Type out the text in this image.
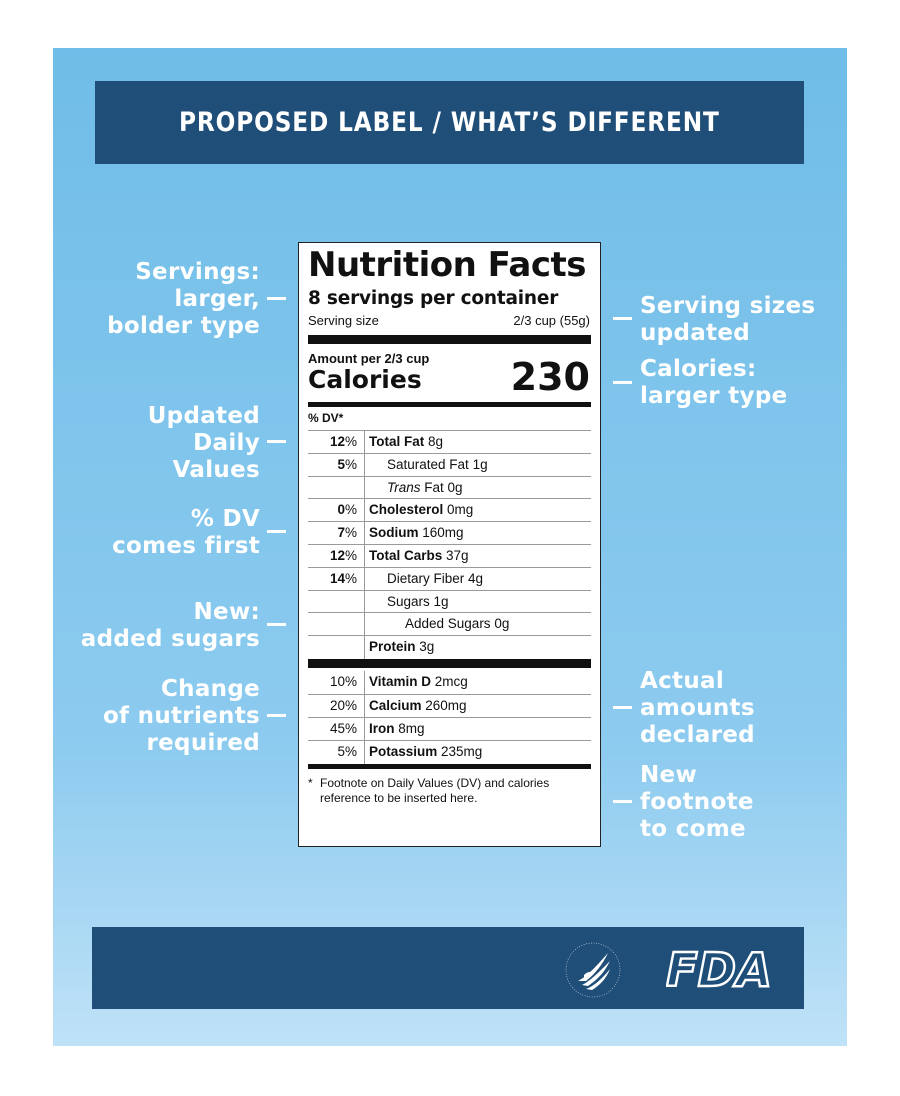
PROPOSED LABEL / WHAT’S DIFFERENT
Servings:
larger,
bolder type
Updated
Daily
Values
% DV
comes first
New:
added sugars
Change
of nutrients
required
Serving sizes
updated
Calories:
larger type
Actual
amounts
declared
New
footnote
to come
Nutrition Facts
8 servings per container
Serving size	2/3 cup (55g)
Amount per 2/3 cup
Calories 230
% DV*
12% Total Fat 8g
5% Saturated Fat 1g
Trans Fat 0g
0% Cholesterol 0mg
7% Sodium 160mg
12% Total Carbs 37g
14% Dietary Fiber 4g
Sugars 1g
Added Sugars 0g
Protein 3g
10% Vitamin D 2mcg
20% Calcium 260mg
45% Iron 8mg
5% Potassium 235mg
* Footnote on Daily Values (DV) and calories reference to be inserted here.
FDA
